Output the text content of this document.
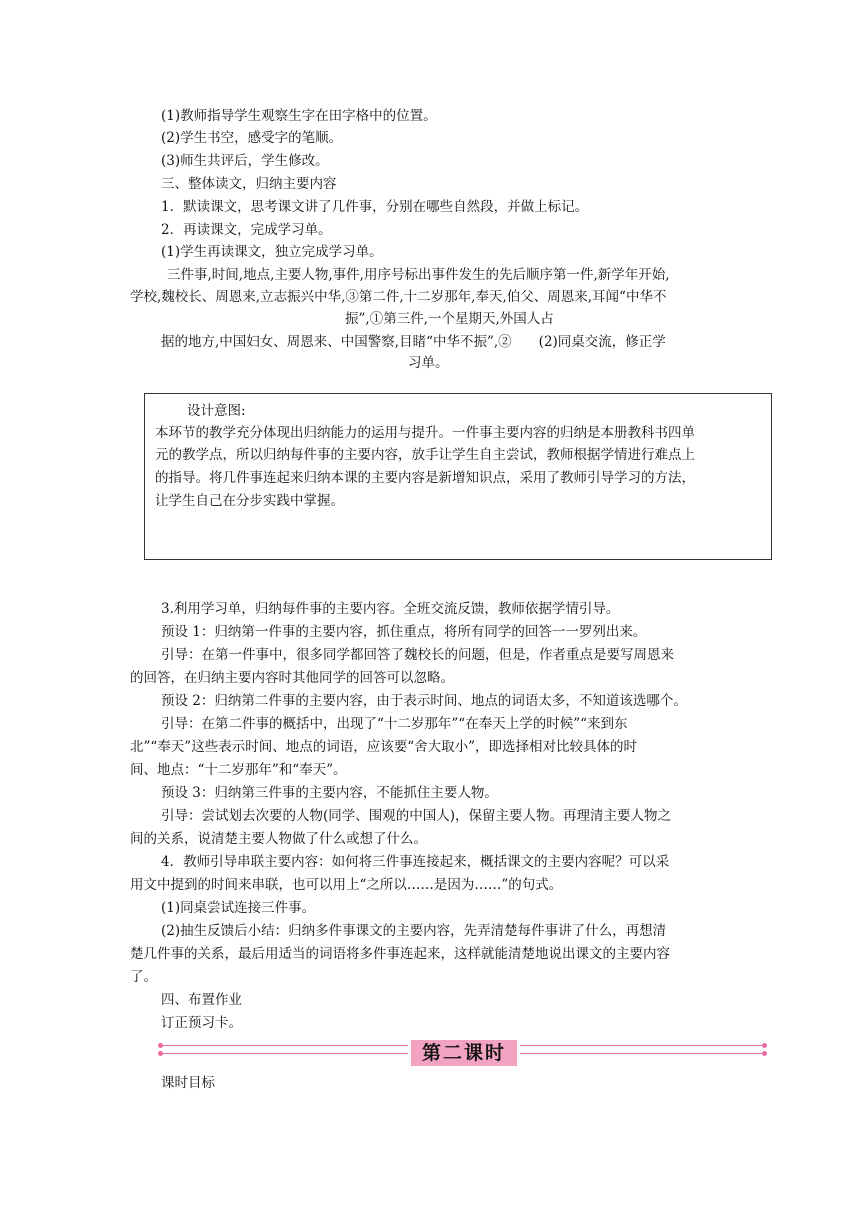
(1)教师指导学生观察生字在田字格中的位置。
(2)学生书空，感受字的笔顺。
(3)师生共评后，学生修改。
三、整体读文，归纳主要内容
1．默读课文，思考课文讲了几件事，分别在哪些自然段，并做上标记。
2．再读课文，完成学习单。
(1)学生再读课文，独立完成学习单。
三件事,时间,地点,主要人物,事件,用序号标出事件发生的先后顺序第一件,新学年开始,
学校,魏校长、周恩来,立志振兴中华,③第二件,十二岁那年,奉天,伯父、周恩来,耳闻“中华不
振”,①第三件,一个星期天,外国人占
据的地方,中国妇女、周恩来、中国警察,目睹“中华不振”,②　　(2)同桌交流，修正学
习单。
设计意图:
本环节的教学充分体现出归纳能力的运用与提升。一件事主要内容的归纳是本册教科书四单
元的教学点，所以归纳每件事的主要内容，放手让学生自主尝试，教师根据学情进行难点上
的指导。将几件事连起来归纳本课的主要内容是新增知识点，采用了教师引导学习的方法，
让学生自己在分步实践中掌握。
3.利用学习单，归纳每件事的主要内容。全班交流反馈，教师依据学情引导。
预设 1：归纳第一件事的主要内容，抓住重点，将所有同学的回答一一罗列出来。
引导：在第一件事中，很多同学都回答了魏校长的问题，但是，作者重点是要写周恩来
的回答，在归纳主要内容时其他同学的回答可以忽略。
预设 2：归纳第二件事的主要内容，由于表示时间、地点的词语太多，不知道该选哪个。
引导：在第二件事的概括中，出现了“十二岁那年”“在奉天上学的时候”“来到东
北”“奉天”这些表示时间、地点的词语，应该要“舍大取小”，即选择相对比较具体的时
间、地点：“十二岁那年”和“奉天”。
预设 3：归纳第三件事的主要内容，不能抓住主要人物。
引导：尝试划去次要的人物(同学、围观的中国人)，保留主要人物。再理清主要人物之
间的关系，说清楚主要人物做了什么或想了什么。
4．教师引导串联主要内容：如何将三件事连接起来，概括课文的主要内容呢？可以采
用文中提到的时间来串联，也可以用上“之所以……是因为……”的句式。
(1)同桌尝试连接三件事。
(2)抽生反馈后小结：归纳多件事课文的主要内容，先弄清楚每件事讲了什么，再想清
楚几件事的关系，最后用适当的词语将多件事连起来，这样就能清楚地说出课文的主要内容
了。
四、布置作业
订正预习卡。
第二课时
课时目标
